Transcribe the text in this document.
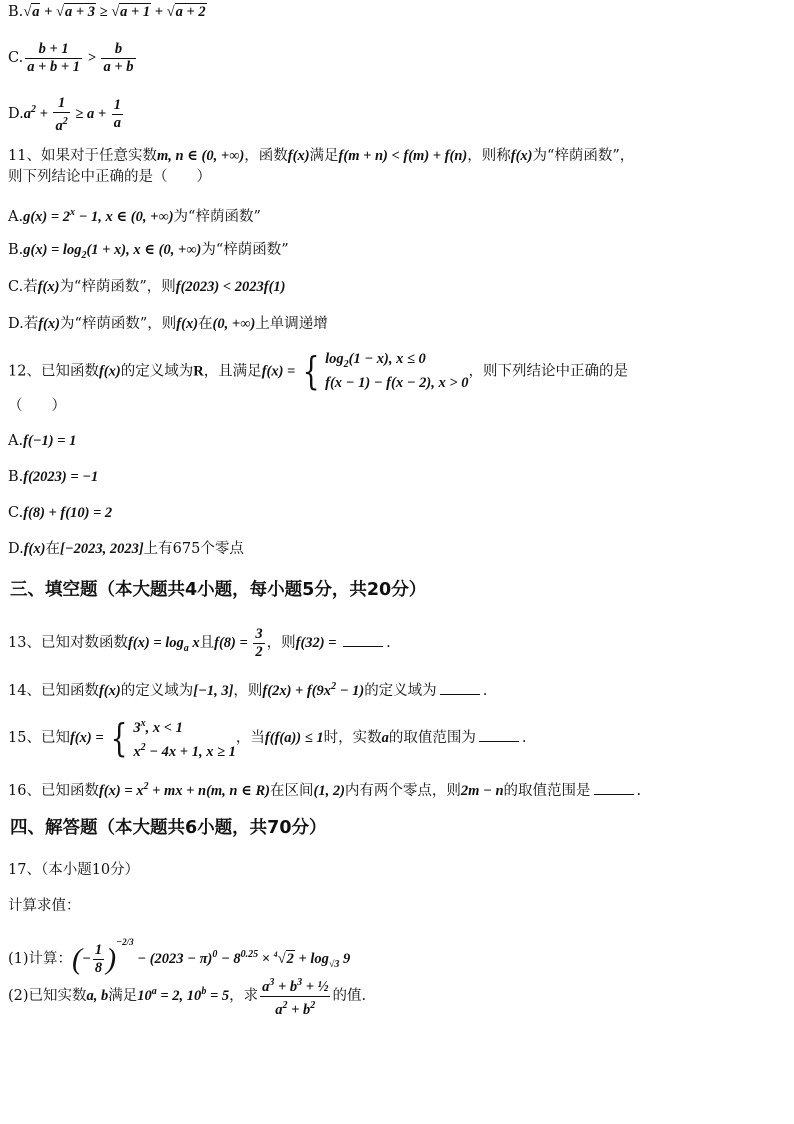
B.√a + √a + 3 ≥ √a + 1 + √a + 2
C. $\frac{b + 1}{a + b + 1} > \frac{b}{a + b}$
$D.a^2 + \frac{1}{a^2} \ge a + \frac{1}{a}$
11、如果对于任意实数m, n ∈ (0, +∞)，函数f(x)满足f(m + n) < f(m) + f(n)，则称f(x)为“梓荫函数”，
则下列结论中正确的是（　　）
$A.g(x) = 2^x - 1$, x ∈ (0, +∞)为“梓荫函数”
$B.g(x) = \log_2(1 + x)$, x ∈ (0, +∞)为“梓荫函数”
C.若f(x)为“梓荫函数”，则f(2023) < 2023f(1)
D.若f(x)为“梓荫函数”，则f(x)在(0, +∞)上单调递增
12、已知函数f(x)的定义域为R，且满足f(x) = { $\log_2(1 - x)$, x ≤ 0
f(x − 1) − f(x − 2), x > 0
，则下列结论中正确的是
（　　）
A.f(−1) = 1
B.f(2023) = −1
C.f(8) + f(10) = 2
D.f(x)在[−2023, 2023]上有675个零点
三、填空题（本大题共4小题，每小题5分，共20分）
13、已知对数函数$f(x) = \log_a x$且$f(8) = \frac{3}{2}$ ，则f(32) =	.
14、已知函数f(x)的定义域为[−1, 3]，则$f(2x) + f(9x^2 - 1)$的定义域为	.
15、已知f(x) = { 3$^x$, x < 1
$x^2 - 4x + 1$, x ≥ 1
，当f(f(a)) ≤ 1时，实数a的取值范围为	.
16、已知函数$f(x) = x^2$ + mx + n(m, n ∈ R)在区间(1, 2)内有两个零点，则2m − n的取值范围是	.
四、解答题（本大题共6小题，共70分）
17、（本小题10分）
计算求值：
(1)计算：(− $\frac{1}{8} )^{-2/3} - (2023 - \pi)^0 - 8^{0.25} \times ^4√2 + \log_{√3} 9$
(2)已知实数a, b满足$10^a = 2$, $10^b = 5$，求 $\frac{a^3 + b^3 + \frac{1}{2}}{a^2 + b^2}$ 的值.
